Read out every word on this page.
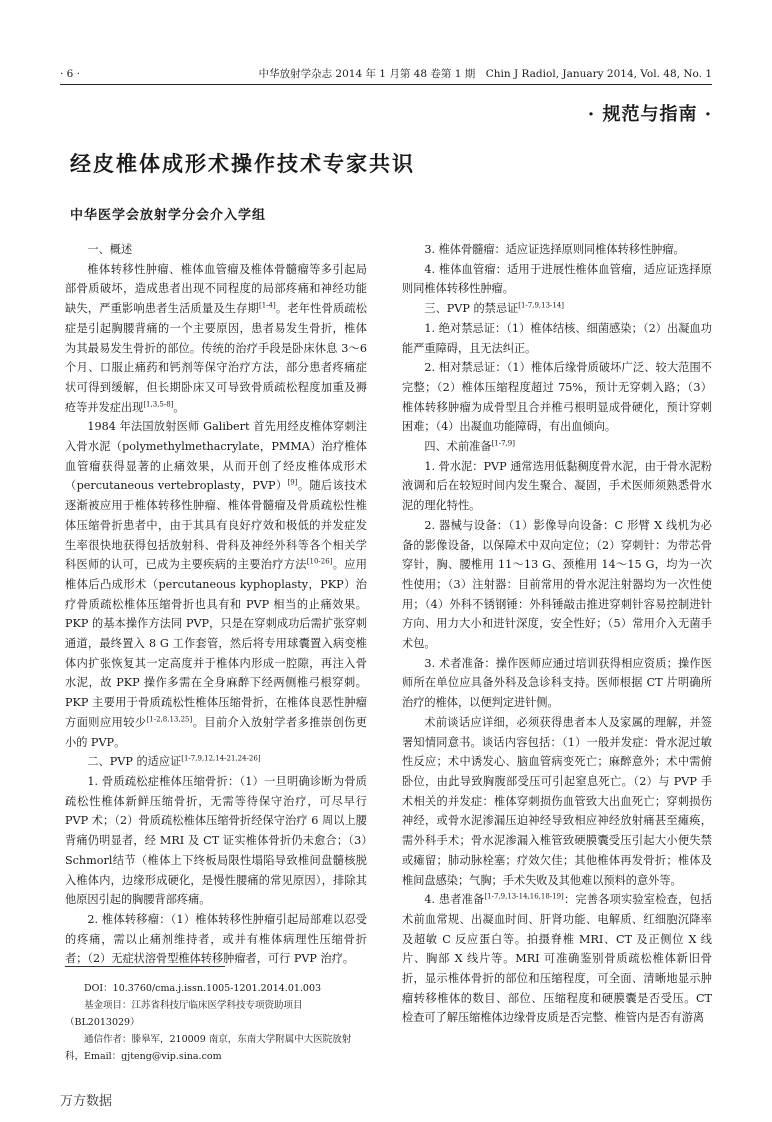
· 6 ·	中华放射学杂志 2014 年 1 月第 48 卷第 1 期　Chin J Radiol, January 2014, Vol. 48, No. 1
· 规范与指南 ·
经皮椎体成形术操作技术专家共识
中华医学会放射学分会介入学组
一、概述

椎体转移性肿瘤、椎体血管瘤及椎体骨髓瘤等多引起局部骨质破坏，造成患者出现不同程度的局部疼痛和神经功能缺失，严重影响患者生活质量及生存期[1-4]。老年性骨质疏松症是引起胸腰背痛的一个主要原因，患者易发生骨折，椎体为其最易发生骨折的部位。传统的治疗手段是卧床休息 3～6 个月、口服止痛药和钙剂等保守治疗方法，部分患者疼痛症状可得到缓解，但长期卧床又可导致骨质疏松程度加重及褥疮等并发症出现[1,3,5-8]。

1984 年法国放射医师 Galibert 首先用经皮椎体穿刺注入骨水泥（polymethylmethacrylate，PMMA）治疗椎体血管瘤获得显著的止痛效果，从而开创了经皮椎体成形术（percutaneous vertebroplasty，PVP）[9]。随后该技术逐渐被应用于椎体转移性肿瘤、椎体骨髓瘤及骨质疏松性椎体压缩骨折患者中，由于其具有良好疗效和极低的并发症发生率很快地获得包括放射科、骨科及神经外科等各个相关学科医师的认可，已成为主要疾病的主要治疗方法[10-26]。应用椎体后凸成形术（percutaneous kyphoplasty，PKP）治疗骨质疏松椎体压缩骨折也具有和 PVP 相当的止痛效果。PKP 的基本操作方法同 PVP，只是在穿刺成功后需扩张穿刺通道，最终置入 8 G 工作套管，然后将专用球囊置入病变椎体内扩张恢复其一定高度并于椎体内形成一腔隙，再注入骨水泥，故 PKP 操作多需在全身麻醉下经两侧椎弓根穿刺。PKP 主要用于骨质疏松性椎体压缩骨折，在椎体良恶性肿瘤方面则应用较少[1-2,8,13,25]。目前介入放射学者多推崇创伤更小的 PVP。

二、PVP 的适应证[1-7,9,12,14-21,24-26]

1. 骨质疏松症椎体压缩骨折：（1）一旦明确诊断为骨质疏松性椎体新鲜压缩骨折，无需等待保守治疗，可尽早行 PVP 术；（2）骨质疏松椎体压缩骨折经保守治疗 6 周以上腰背痛仍明显者，经 MRI 及 CT 证实椎体骨折仍未愈合；（3）Schmorl结节（椎体上下终板局限性塌陷导致椎间盘髓核脱入椎体内，边缘形成硬化，是慢性腰痛的常见原因），排除其他原因引起的胸腰背部疼痛。

2. 椎体转移瘤：（1）椎体转移性肿瘤引起局部难以忍受的疼痛，需以止痛剂维持者，或并有椎体病理性压缩骨折者；（2）无症状溶骨型椎体转移肿瘤者，可行 PVP 治疗。

3. 椎体骨髓瘤：适应证选择原则同椎体转移性肿瘤。

4. 椎体血管瘤：适用于进展性椎体血管瘤，适应证选择原则同椎体转移性肿瘤。

三、PVP 的禁忌证[1-7,9,13-14]

1. 绝对禁忌证：（1）椎体结核、细菌感染；（2）出凝血功能严重障碍，且无法纠正。

2. 相对禁忌证：（1）椎体后缘骨质破坏广泛、较大范围不完整；（2）椎体压缩程度超过 75%，预计无穿刺入路；（3）椎体转移肿瘤为成骨型且合并椎弓根明显成骨硬化，预计穿刺困难；（4）出凝血功能障碍，有出血倾向。

四、术前准备[1-7,9]

1. 骨水泥：PVP 通常选用低黏稠度骨水泥，由于骨水泥粉液调和后在较短时间内发生聚合、凝固，手术医师须熟悉骨水泥的理化特性。

2. 器械与设备：（1）影像导向设备：C 形臂 X 线机为必备的影像设备，以保障术中双向定位；（2）穿刺针：为带芯骨穿针，胸、腰椎用 11～13 G、颈椎用 14～15 G，均为一次性使用；（3）注射器：目前常用的骨水泥注射器均为一次性使用；（4）外科不锈钢锤：外科锤敲击推进穿刺针容易控制进针方向、用力大小和进针深度，安全性好；（5）常用介入无菌手术包。

3. 术者准备：操作医师应通过培训获得相应资质；操作医师所在单位应具备外科及急诊科支持。医师根据 CT 片明确所治疗的椎体，以便判定进针侧。

术前谈话应详细，必须获得患者本人及家属的理解，并签署知情同意书。谈话内容包括：（1）一般并发症：骨水泥过敏性反应；术中诱发心、脑血管病变死亡；麻醉意外；术中需俯卧位，由此导致胸腹部受压可引起窒息死亡。（2）与 PVP 手术相关的并发症：椎体穿刺损伤血管致大出血死亡；穿刺损伤神经，或骨水泥渗漏压迫神经导致相应神经放射痛甚至瘫痪，需外科手术；骨水泥渗漏入椎管致硬膜囊受压引起大小便失禁或瘫留；肺动脉栓塞；疗效欠佳；其他椎体再发骨折；椎体及椎间盘感染；气胸；手术失败及其他难以预料的意外等。

4. 患者准备[1-7,9,13-14,16,18-19]：完善各项实验室检查，包括术前血常规、出凝血时间、肝肾功能、电解质、红细胞沉降率及超敏 C 反应蛋白等。拍摄脊椎 MRI、CT 及正侧位 X 线片、胸部 X 线片等。MRI 可准确鉴别骨质疏松椎体新旧骨折，显示椎体骨折的部位和压缩程度，可全面、清晰地显示肿瘤转移椎体的数目、部位、压缩程度和硬膜囊是否受压。CT 检查可了解压缩椎体边缘骨皮质是否完整、椎管内是否有游离

DOI：10.3760/cma.j.issn.1005-1201.2014.01.003

基金项目：江苏省科技厅临床医学科技专项资助项目（BL2013029）

通信作者：滕皋军，210009 南京，东南大学附属中大医院放射科，Email：gjteng@vip.sina.com

万方数据
